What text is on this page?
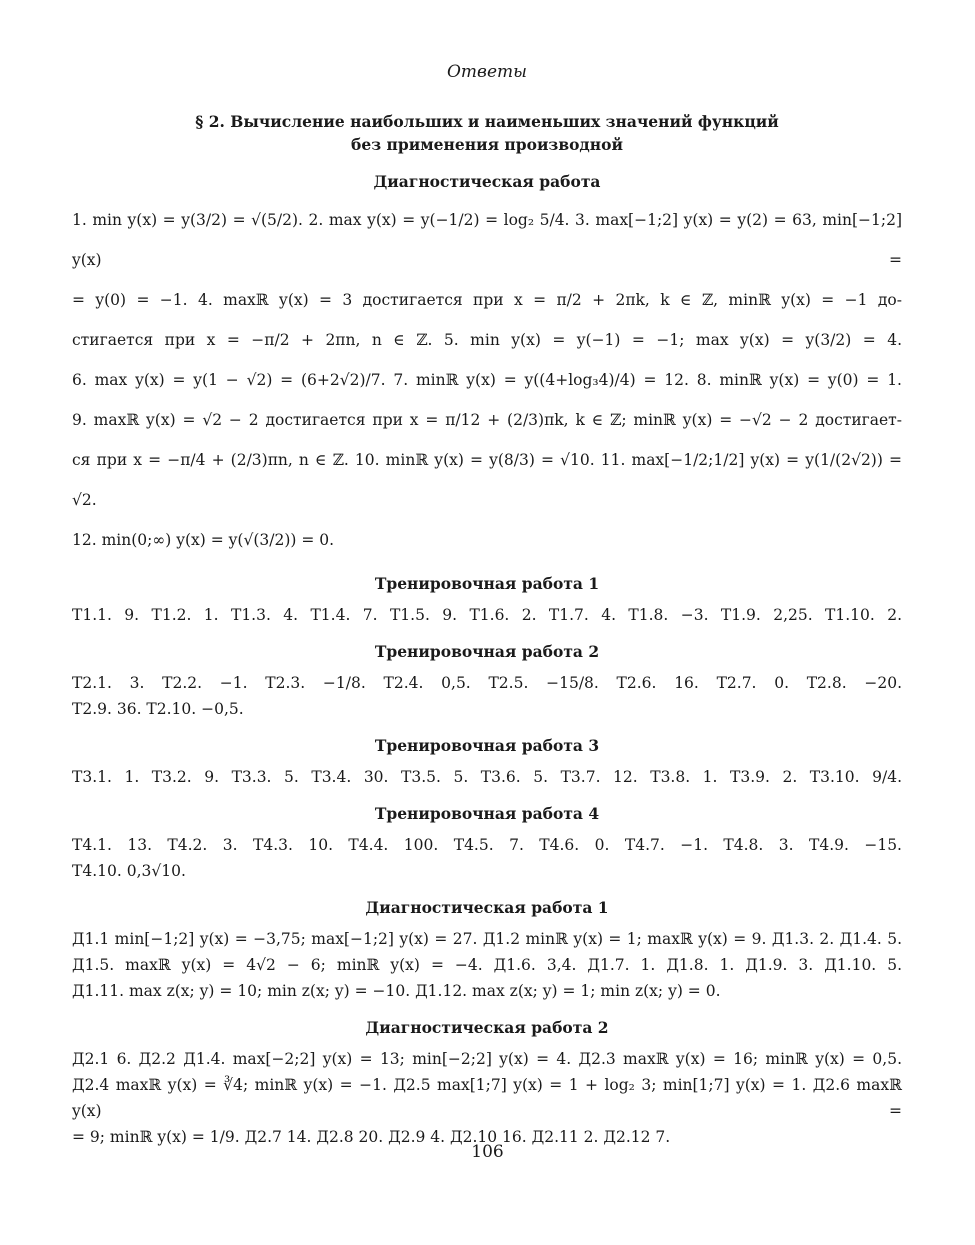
Ответы
§ 2. Вычисление наибольших и наименьших значений функций
без применения производной
Диагностическая работа

1. min y(x) = y(3/2) = √(5/2). 2. max y(x) = y(−1/2) = log₂ 5/4. 3. max[−1;2] y(x) = y(2) = 63, min[−1;2] y(x) =

= y(0) = −1. 4. maxℝ y(x) = 3 достигается при x = π/2 + 2πk, k ∈ ℤ, minℝ y(x) = −1 до-

стигается при x = −π/2 + 2πn, n ∈ ℤ. 5. min y(x) = y(−1) = −1; max y(x) = y(3/2) = 4.

6. max y(x) = y(1 − √2) = (6+2√2)/7. 7. minℝ y(x) = y((4+log₃4)/4) = 12. 8. minℝ y(x) = y(0) = 1.

9. maxℝ y(x) = √2 − 2 достигается при x = π/12 + (2/3)πk, k ∈ ℤ; minℝ y(x) = −√2 − 2 достигает-

ся при x = −π/4 + (2/3)πn, n ∈ ℤ. 10. minℝ y(x) = y(8/3) = √10. 11. max[−1/2;1/2] y(x) = y(1/(2√2)) = √2.

12. min(0;∞) y(x) = y(√(3/2)) = 0.

Тренировочная работа 1

Т1.1. 9. Т1.2. 1. Т1.3. 4. Т1.4. 7. Т1.5. 9. Т1.6. 2. Т1.7. 4. Т1.8. −3. Т1.9. 2,25. Т1.10. 2.

Тренировочная работа 2

Т2.1. 3. Т2.2. −1. Т2.3. −1/8. Т2.4. 0,5. Т2.5. −15/8. Т2.6. 16. Т2.7. 0. Т2.8. −20.

Т2.9. 36. Т2.10. −0,5.

Тренировочная работа 3

Т3.1. 1. Т3.2. 9. Т3.3. 5. Т3.4. 30. Т3.5. 5. Т3.6. 5. Т3.7. 12. Т3.8. 1. Т3.9. 2. Т3.10. 9/4.

Тренировочная работа 4

Т4.1. 13. Т4.2. 3. Т4.3. 10. Т4.4. 100. Т4.5. 7. Т4.6. 0. Т4.7. −1. Т4.8. 3. Т4.9. −15.

Т4.10. 0,3√10.

Диагностическая работа 1

Д1.1 min[−1;2] y(x) = −3,75; max[−1;2] y(x) = 27. Д1.2 minℝ y(x) = 1; maxℝ y(x) = 9. Д1.3. 2. Д1.4. 5.

Д1.5. maxℝ y(x) = 4√2 − 6; minℝ y(x) = −4. Д1.6. 3,4. Д1.7. 1. Д1.8. 1. Д1.9. 3. Д1.10. 5.

Д1.11. max z(x; y) = 10; min z(x; y) = −10. Д1.12. max z(x; y) = 1; min z(x; y) = 0.

Диагностическая работа 2

Д2.1 6. Д2.2 Д1.4. max[−2;2] y(x) = 13; min[−2;2] y(x) = 4. Д2.3 maxℝ y(x) = 16; minℝ y(x) = 0,5.

Д2.4 maxℝ y(x) = ∛4; minℝ y(x) = −1. Д2.5 max[1;7] y(x) = 1 + log₂ 3; min[1;7] y(x) = 1. Д2.6 maxℝ y(x) =

= 9; minℝ y(x) = 1/9. Д2.7 14. Д2.8 20. Д2.9 4. Д2.10 16. Д2.11 2. Д2.12 7.

106
